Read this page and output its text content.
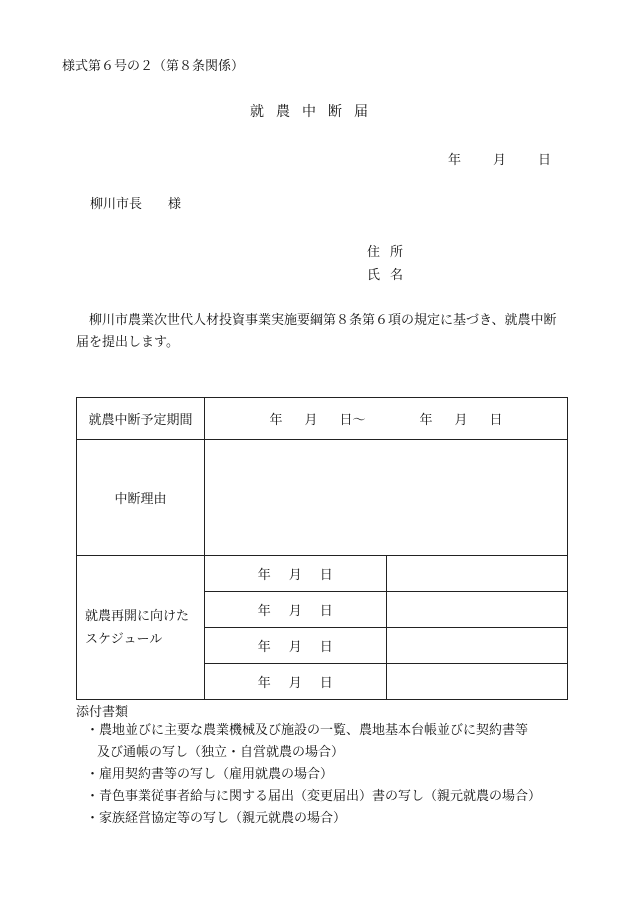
様式第６号の２（第８条関係）
就農中断届
年 月 日
柳川市長 様
住所
氏名
柳川市農業次世代人材投資事業実施要綱第８条第６項の規定に基づき、就農中断届を提出します。
就農中断予定期間	年 月 日～ 年 月 日	
中断理由		

就農再開に向けた
スケジュール	年 月 日	
	年 月 日	
	年 月 日	
	年 月 日	
添付書類
・農地並びに主要な農業機械及び施設の一覧、農地基本台帳並びに契約書等
及び通帳の写し（独立・自営就農の場合）
・雇用契約書等の写し（雇用就農の場合）
・青色事業従事者給与に関する届出（変更届出）書の写し（親元就農の場合）
・家族経営協定等の写し（親元就農の場合）
